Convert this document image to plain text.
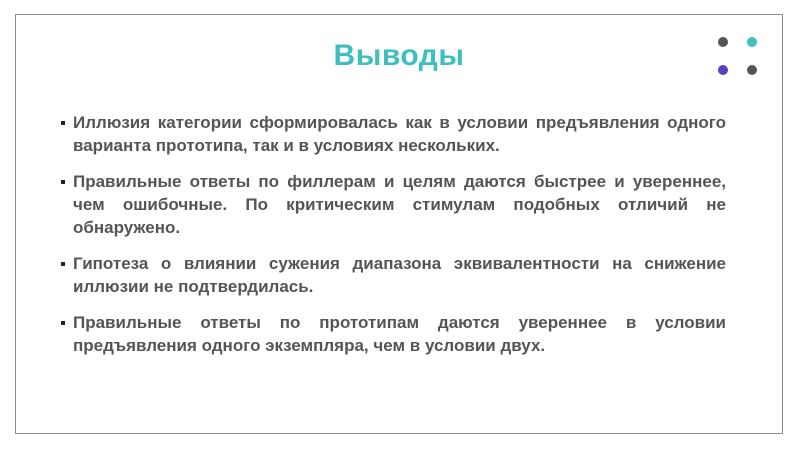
Выводы
Иллюзия категории сформировалась как в условии предъявления одного варианта прототипа, так и в условиях нескольких.
Правильные ответы по филлерам и целям даются быстрее и увереннее, чем ошибочные. По критическим стимулам подобных отличий не обнаружено.
Гипотеза о влиянии сужения диапазона эквивалентности на снижение иллюзии не подтвердилась.
Правильные ответы по прототипам даются увереннее в условии предъявления одного экземпляра, чем в условии двух.
